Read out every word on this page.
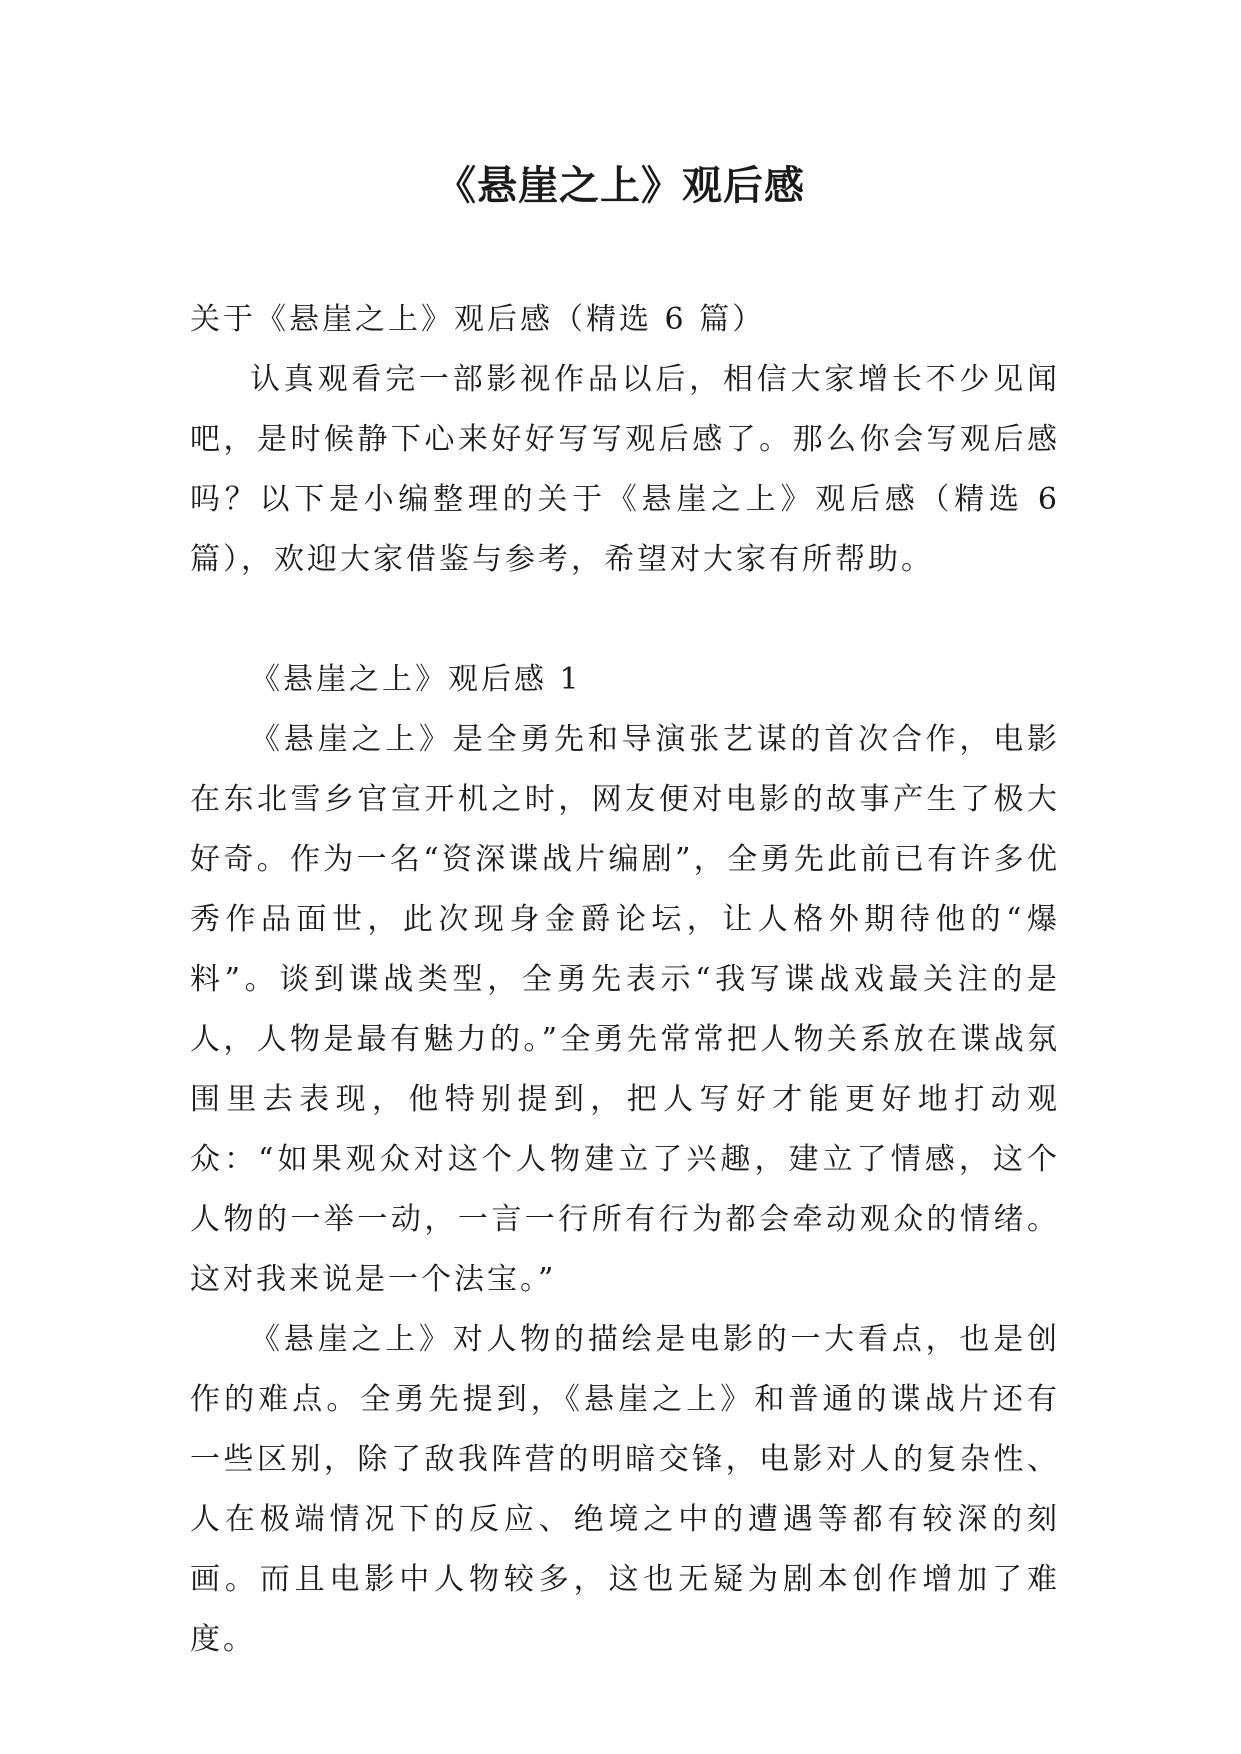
《悬崖之上》观后感

关于《悬崖之上》观后感（精选 6 篇）

认真观看完一部影视作品以后，相信大家增长不少见闻吧，是时候静下心来好好写写观后感了。那么你会写观后感吗？以下是小编整理的关于《悬崖之上》观后感（精选 6 篇），欢迎大家借鉴与参考，希望对大家有所帮助。

《悬崖之上》观后感 1

《悬崖之上》是全勇先和导演张艺谋的首次合作，电影在东北雪乡官宣开机之时，网友便对电影的故事产生了极大好奇。作为一名“资深谍战片编剧”，全勇先此前已有许多优秀作品面世，此次现身金爵论坛，让人格外期待他的“爆料”。谈到谍战类型，全勇先表示“我写谍战戏最关注的是人，人物是最有魅力的。”全勇先常常把人物关系放在谍战氛围里去表现，他特别提到，把人写好才能更好地打动观众：“如果观众对这个人物建立了兴趣，建立了情感，这个人物的一举一动，一言一行所有行为都会牵动观众的情绪。这对我来说是一个法宝。”

《悬崖之上》对人物的描绘是电影的一大看点，也是创作的难点。全勇先提到，《悬崖之上》和普通的谍战片还有一些区别，除了敌我阵营的明暗交锋，电影对人的复杂性、人在极端情况下的反应、绝境之中的遭遇等都有较深的刻画。而且电影中人物较多，这也无疑为剧本创作增加了难度。
